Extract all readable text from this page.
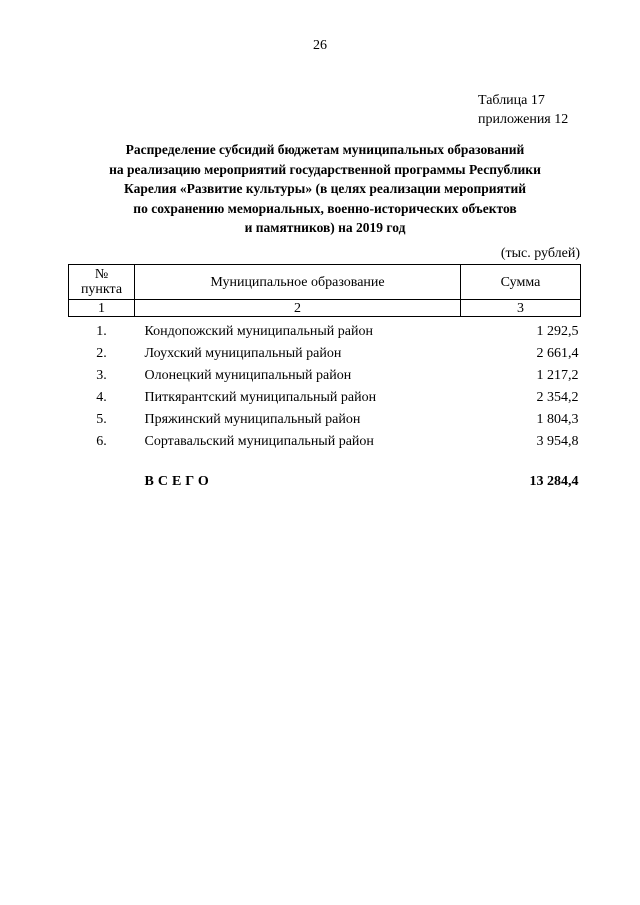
26
Таблица 17
приложения 12
Распределение субсидий бюджетам муниципальных образований
на реализацию мероприятий государственной программы Республики
Карелия «Развитие культуры» (в целях реализации мероприятий
по сохранению мемориальных, военно-исторических объектов
и памятников) на 2019 год
(тыс. рублей)
№
пункта	Муниципальное образование	Сумма
1	2	3

1.	Кондопожский муниципальный район	1 292,5
2.	Лоухский муниципальный район	2 661,4
3.	Олонецкий муниципальный район	1 217,2
4.	Питкярантский муниципальный район	2 354,2
5.	Пряжинский муниципальный район	1 804,3
6.	Сортавальский муниципальный район	3 954,8

	ВСЕГО	13 284,4
